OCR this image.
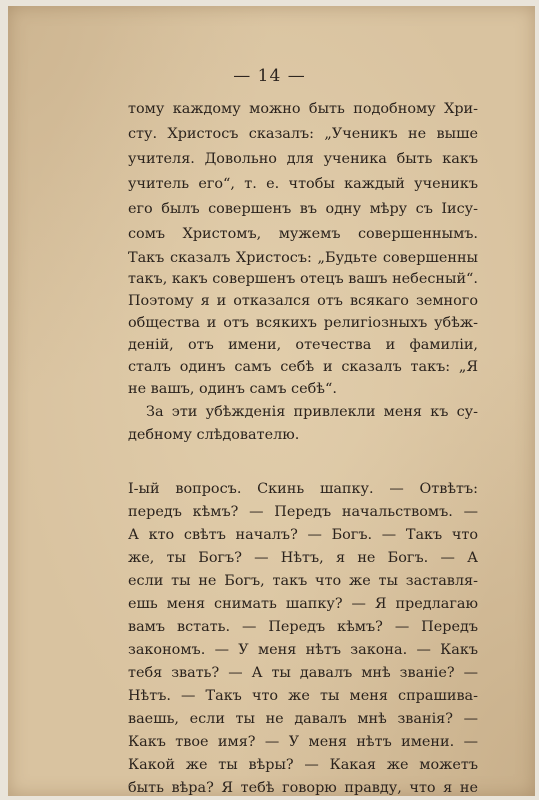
— 14 —
тому каждому можно быть подобному Хри-
сту. Христосъ сказалъ: „Ученикъ не выше
учителя. Довольно для ученика быть какъ
учитель его“, т. е. чтобы каждый ученикъ
его былъ совершенъ въ одну мѣру съ Іису-
сомъ Христомъ, мужемъ совершеннымъ.
Такъ сказалъ Христосъ: „Будьте совершенны
такъ, какъ совершенъ отецъ вашъ небесный“.
Поэтому я и отказался отъ всякаго земного
общества и отъ всякихъ религіозныхъ убѣж-
деній, отъ имени, отечества и фамиліи,
сталъ одинъ самъ себѣ и сказалъ такъ: „Я
не вашъ, одинъ самъ себѣ“.
За эти убѣжденія привлекли меня къ су-
дебному слѣдователю.
І-ый вопросъ. Скинь шапку. — Отвѣтъ:
передъ кѣмъ? — Передъ начальствомъ. —
А кто свѣтъ началъ? — Богъ. — Такъ что
же, ты Богъ? — Нѣтъ, я не Богъ. — А
если ты не Богъ, такъ что же ты заставля-
ешь меня снимать шапку? — Я предлагаю
вамъ встать. — Передъ кѣмъ? — Передъ
закономъ. — У меня нѣтъ закона. — Какъ
тебя звать? — А ты давалъ мнѣ званіе? —
Нѣтъ. — Такъ что же ты меня спрашива-
ваешь, если ты не давалъ мнѣ званія? —
Какъ твое имя? — У меня нѣтъ имени. —
Какой же ты вѣры? — Какая же можетъ
быть вѣра? Я тебѣ говорю правду, что я не
